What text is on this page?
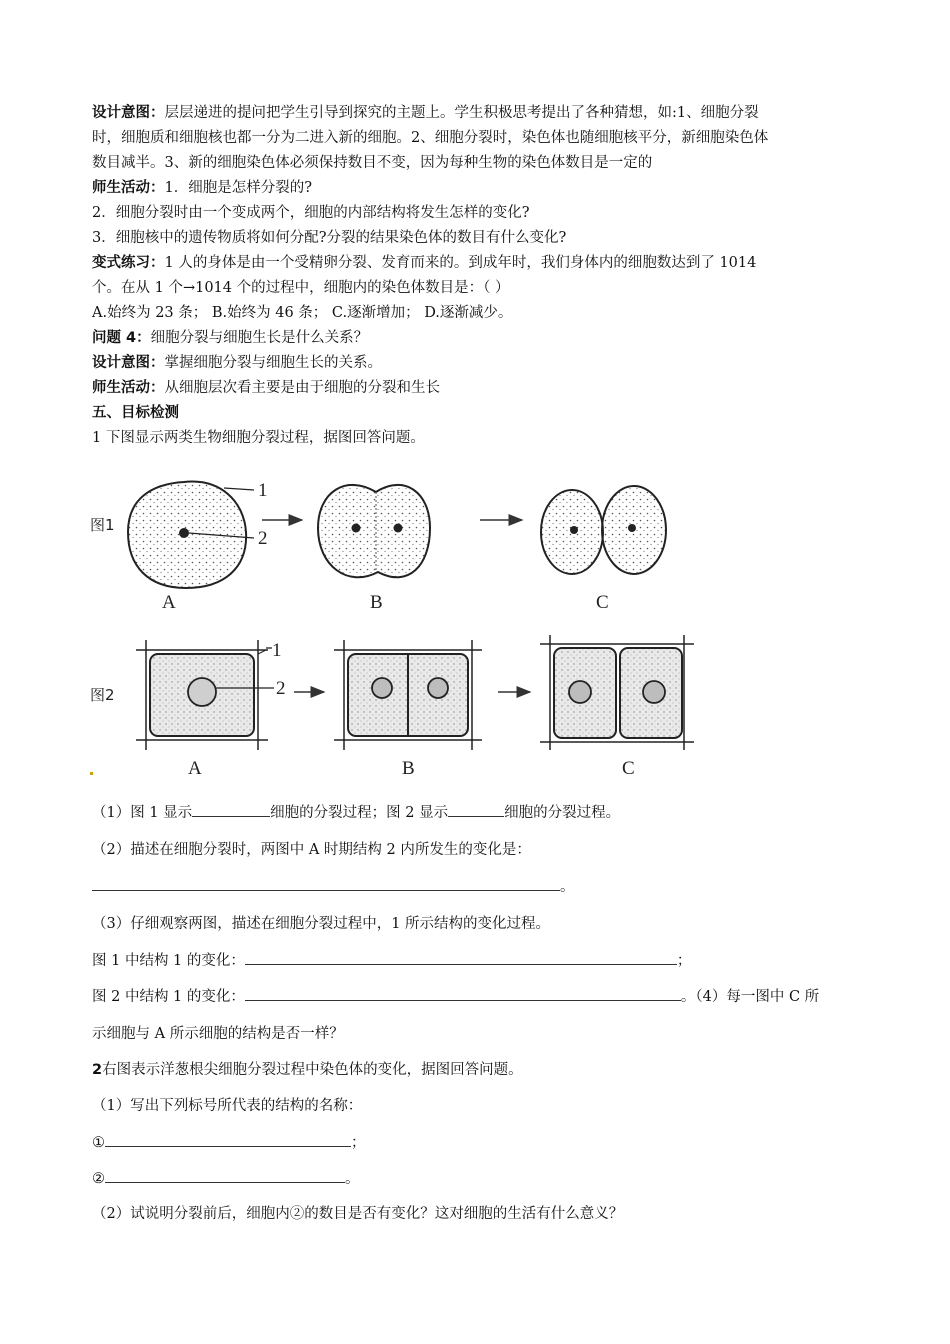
设计意图：层层递进的提问把学生引导到探究的主题上。学生积极思考提出了各种猜想，如:1、细胞分裂
时，细胞质和细胞核也都一分为二进入新的细胞。2、细胞分裂时，染色体也随细胞核平分，新细胞染色体
数目减半。3、新的细胞染色体必须保持数目不变，因为每种生物的染色体数目是一定的
师生活动：1．细胞是怎样分裂的?
2．细胞分裂时由一个变成两个，细胞的内部结构将发生怎样的变化?
3．细胞核中的遗传物质将如何分配?分裂的结果染色体的数目有什么变化?
变式练习：1 人的身体是由一个受精卵分裂、发育而来的。到成年时，我们身体内的细胞数达到了 1014
个。在从 1 个→1014 个的过程中，细胞内的染色体数目是：（ ）
A.始终为 23 条； B.始终为 46 条； C.逐渐增加； D.逐渐减少。
问题 4：细胞分裂与细胞生长是什么关系？
设计意图：掌握细胞分裂与细胞生长的关系。
师生活动：从细胞层次看主要是由于细胞的分裂和生长
五、目标检测
1 下图显示两类生物细胞分裂过程，据图回答问题。
图1
1
2
A	B	C
图2
1
2
A	B	C
（1）图 1 显示	细胞的分裂过程；图 2 显示	细胞的分裂过程。
（2）描述在细胞分裂时，两图中 A 时期结构 2 内所发生的变化是：
。
（3）仔细观察两图，描述在细胞分裂过程中，1 所示结构的变化过程。
图 1 中结构 1 的变化：	；
图 2 中结构 1 的变化：	。（4）每一图中 C 所
示细胞与 A 所示细胞的结构是否一样？
2右图表示洋葱根尖细胞分裂过程中染色体的变化，据图回答问题。
（1）写出下列标号所代表的结构的名称：
①	；
②	。
（2）试说明分裂前后，细胞内②的数目是否有变化？这对细胞的生活有什么意义？
